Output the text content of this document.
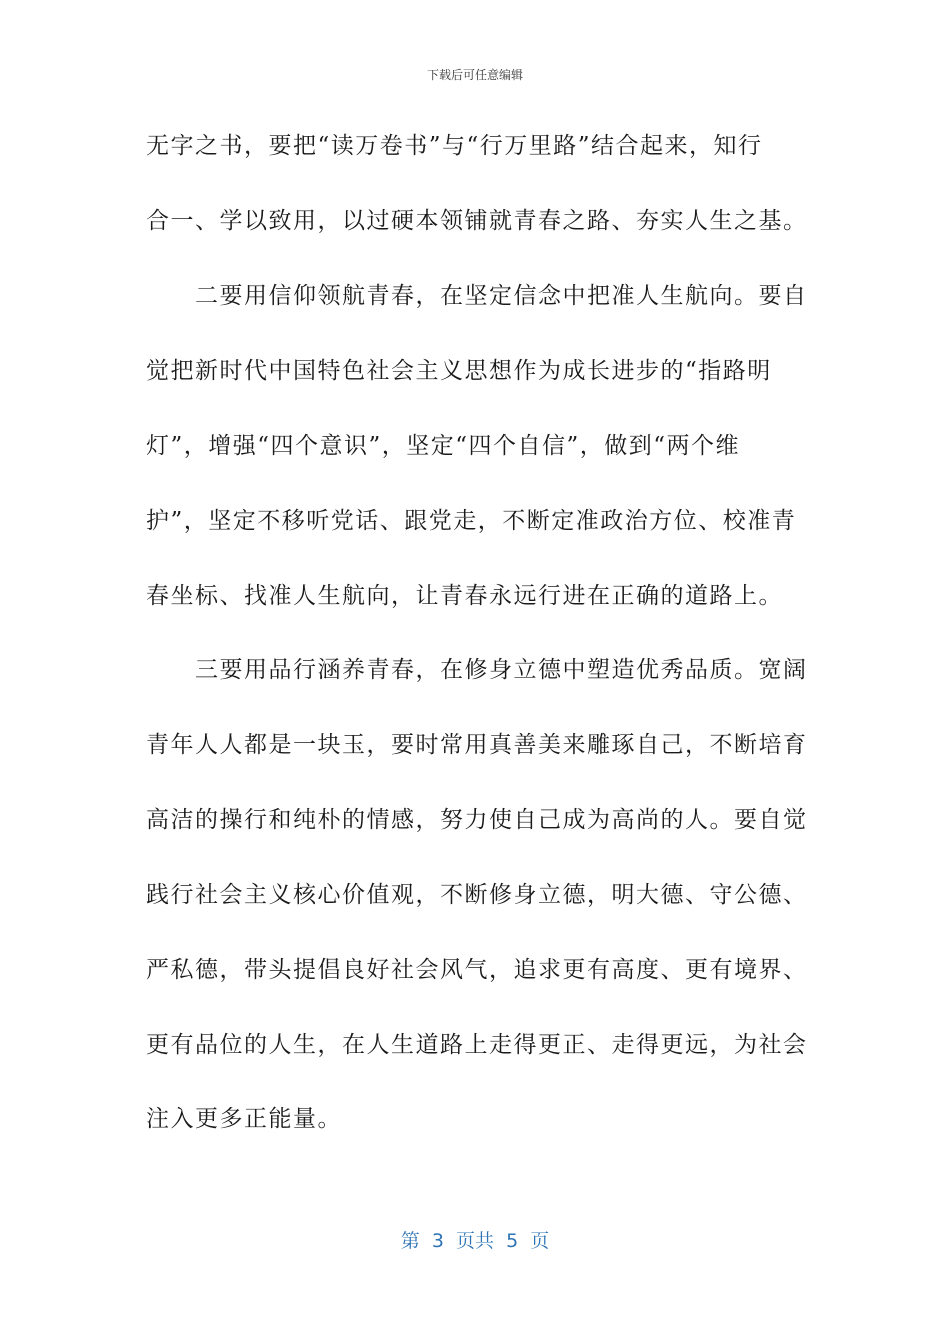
下载后可任意编辑
无字之书，要把“读万卷书”与“行万里路”结合起来，知行
合一、学以致用，以过硬本领铺就青春之路、夯实人生之基。
　　二要用信仰领航青春，在坚定信念中把准人生航向。要自
觉把新时代中国特色社会主义思想作为成长进步的“指路明
灯”，增强“四个意识”，坚定“四个自信”，做到“两个维
护”，坚定不移听党话、跟党走，不断定准政治方位、校准青
春坐标、找准人生航向，让青春永远行进在正确的道路上。
　　三要用品行涵养青春，在修身立德中塑造优秀品质。宽阔
青年人人都是一块玉，要时常用真善美来雕琢自己，不断培育
高洁的操行和纯朴的情感，努力使自己成为高尚的人。要自觉
践行社会主义核心价值观，不断修身立德，明大德、守公德、
严私德，带头提倡良好社会风气，追求更有高度、更有境界、
更有品位的人生，在人生道路上走得更正、走得更远，为社会
注入更多正能量。
第  3  页共  5  页
